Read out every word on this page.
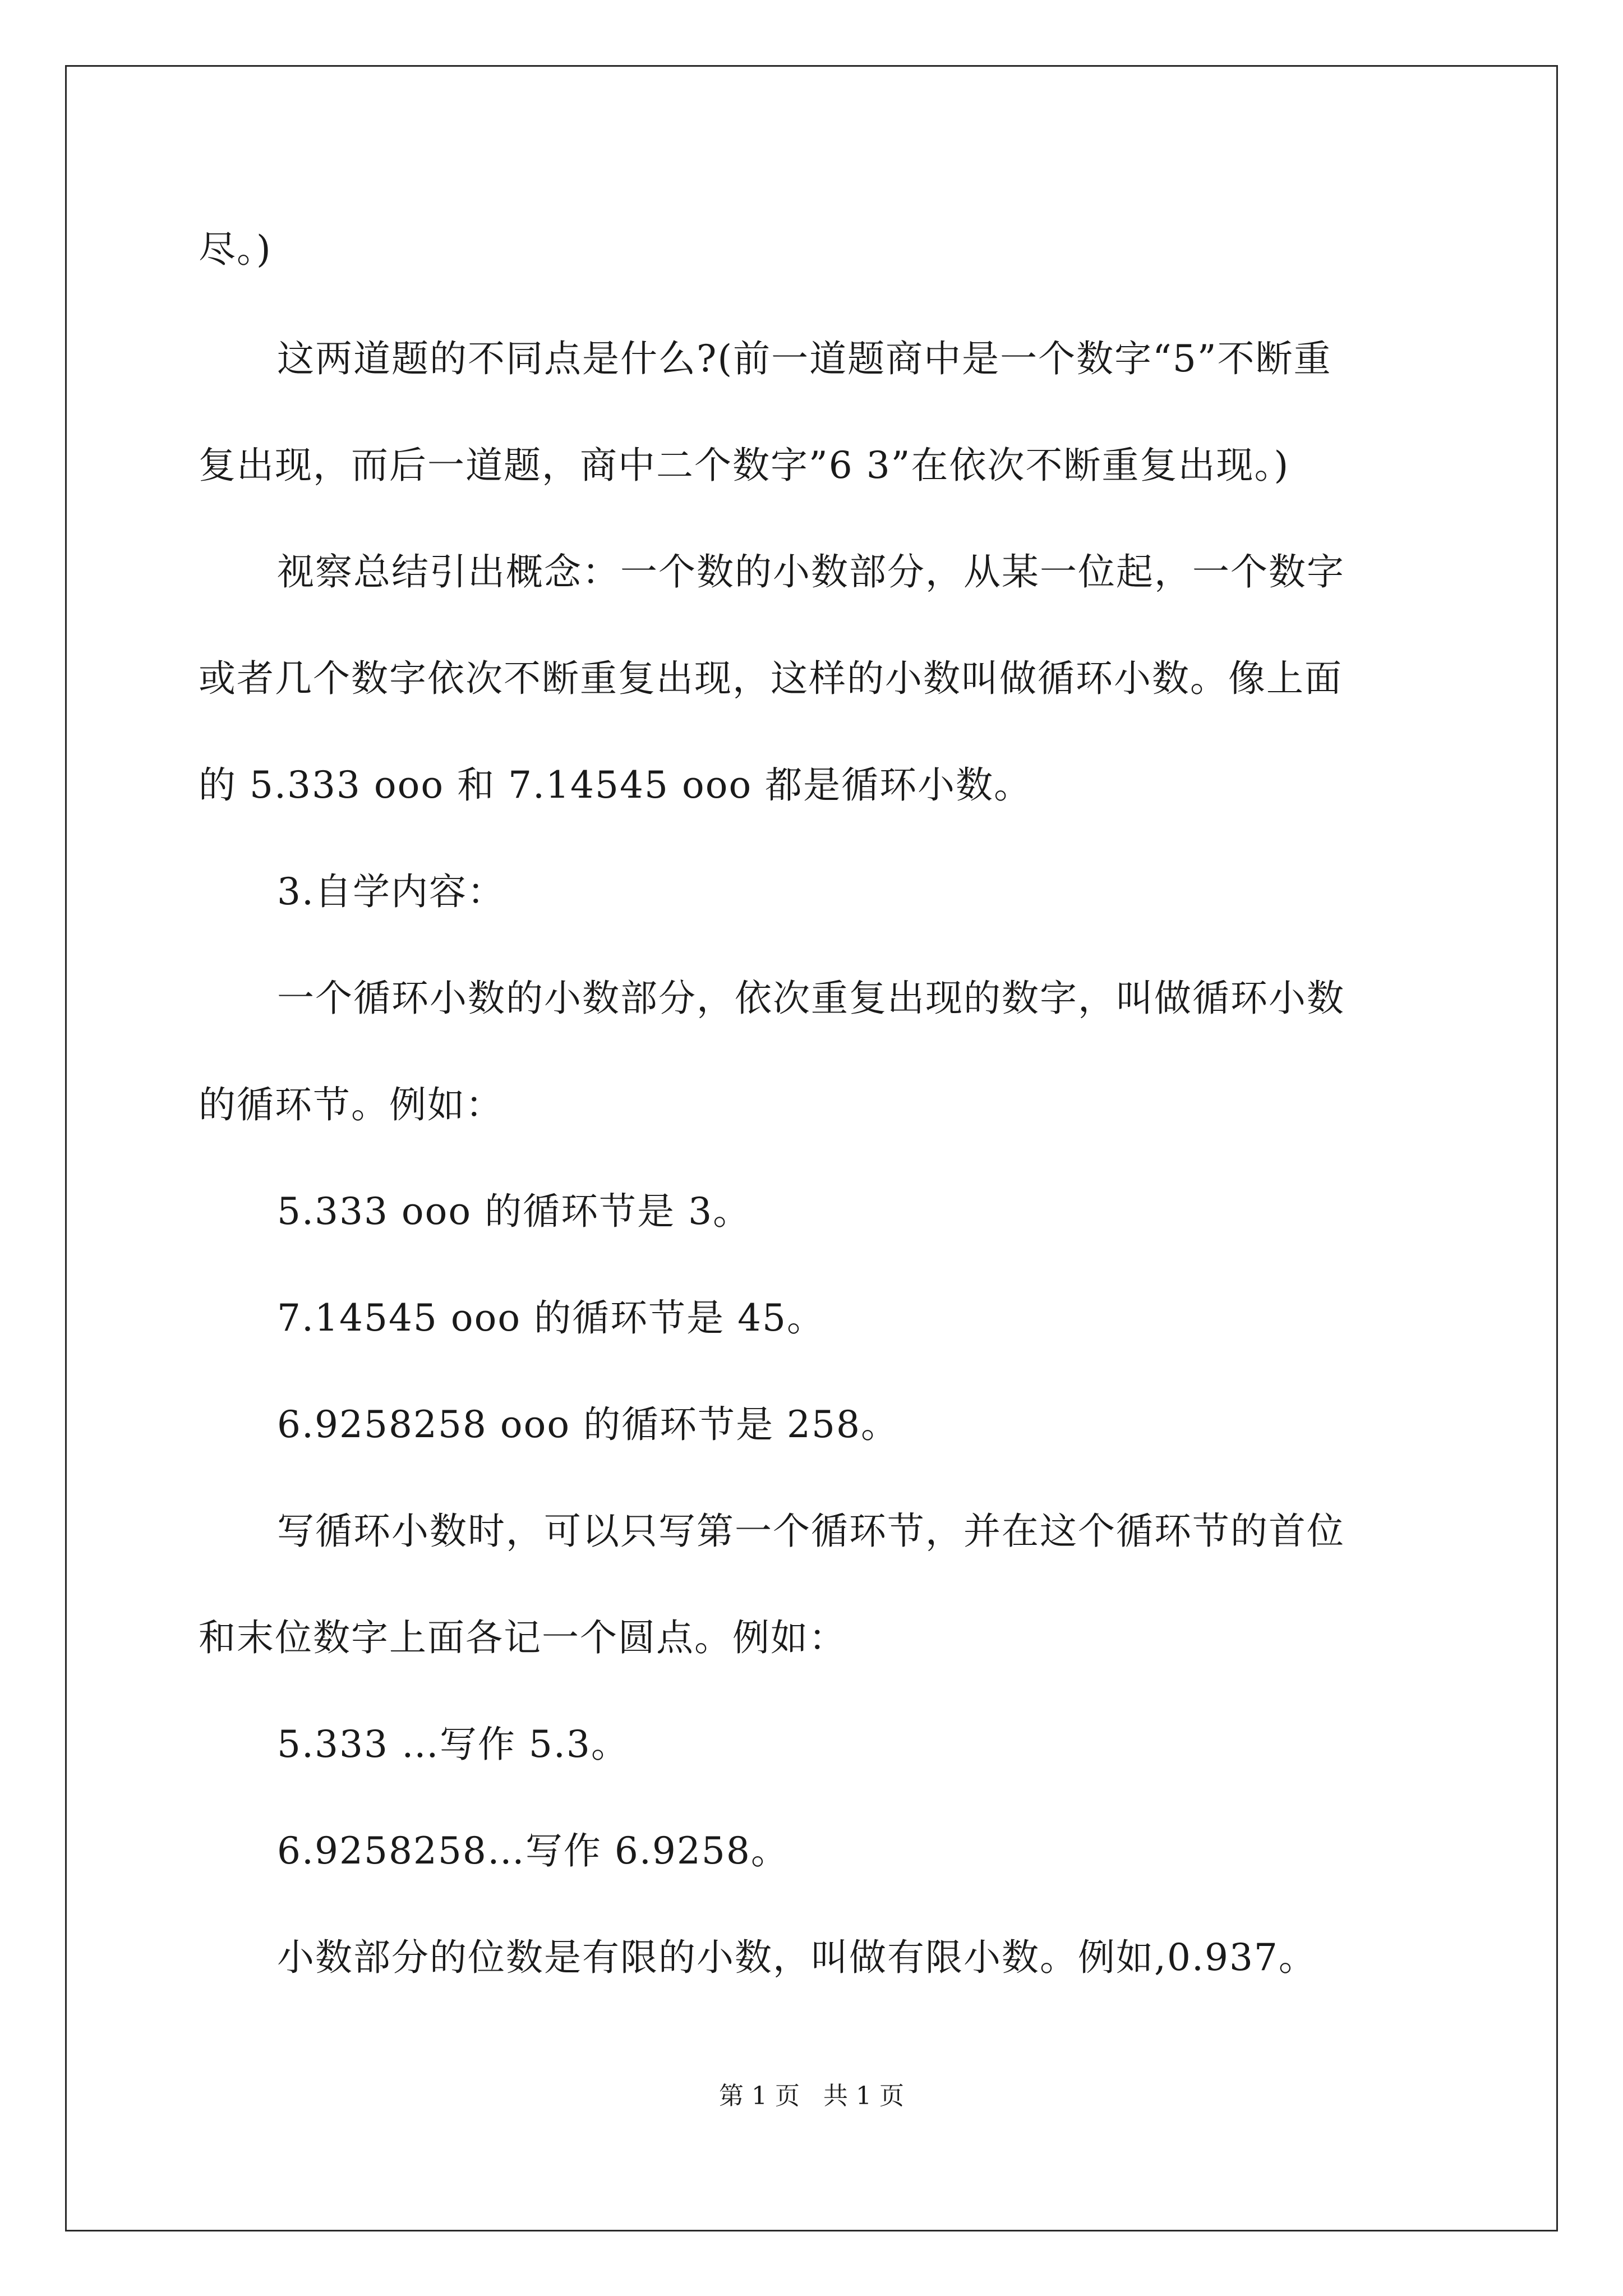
尽。)

这两道题的不同点是什么?(前一道题商中是一个数字“5”不断重

复出现，而后一道题，商中二个数字”6 3”在依次不断重复出现。)

视察总结引出概念：一个数的小数部分，从某一位起，一个数字

或者几个数字依次不断重复出现，这样的小数叫做循环小数。像上面

的 5.333 ooo 和 7.14545 ooo 都是循环小数。

3.自学内容：

一个循环小数的小数部分，依次重复出现的数字，叫做循环小数

的循环节。例如：

5.333 ooo 的循环节是 3。

7.14545 ooo 的循环节是 45。

6.9258258 ooo 的循环节是 258。

写循环小数时，可以只写第一个循环节，并在这个循环节的首位

和末位数字上面各记一个圆点。例如：

5.333 …写作 5.3。

6.9258258…写作 6.9258。

小数部分的位数是有限的小数，叫做有限小数。例如,0.937。

第 1 页 共 1 页
